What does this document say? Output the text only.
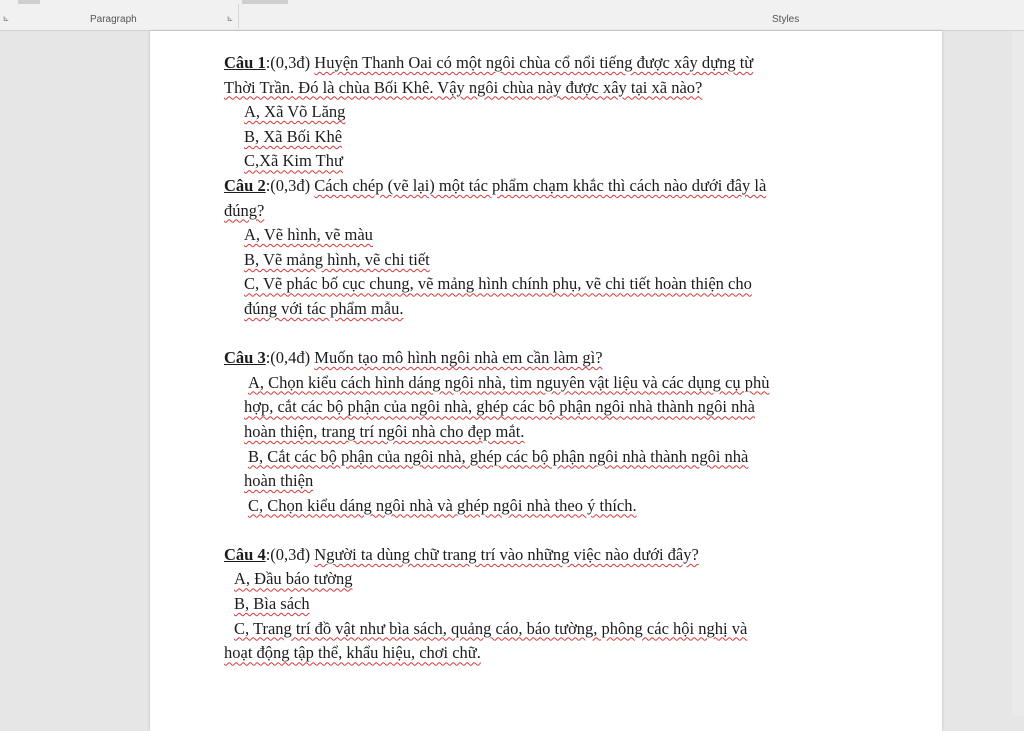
⊾	Paragraph	⊾	Styles

Câu 1:(0,3đ) Huyện Thanh Oai có một ngôi chùa cổ nổi tiếng được xây dựng từ

Thời Trần. Đó là chùa Bối Khê. Vậy ngôi chùa này được xây tại xã nào?

A, Xã Võ Lăng

B, Xã Bối Khê

C,Xã Kim Thư

Câu 2:(0,3đ) Cách chép (vẽ lại) một tác phẩm chạm khắc thì cách nào dưới đây là

đúng?

A, Vẽ hình, vẽ màu

B, Vẽ mảng hình, vẽ chi tiết

C, Vẽ phác bố cục chung, vẽ mảng hình chính phụ, vẽ chi tiết hoàn thiện cho

đúng với tác phẩm mẫu.

Câu 3:(0,4đ) Muốn tạo mô hình ngôi nhà em cần làm gì?

A, Chọn kiểu cách hình dáng ngôi nhà, tìm nguyên vật liệu và các dụng cụ phù

hợp, cắt các bộ phận của ngôi nhà, ghép các bộ phận ngôi nhà thành ngôi nhà

hoàn thiện, trang trí ngôi nhà cho đẹp mắt.

B, Cắt các bộ phận của ngôi nhà, ghép các bộ phận ngôi nhà thành ngôi nhà

hoàn thiện

C, Chọn kiểu dáng ngôi nhà và ghép ngôi nhà theo ý thích.

Câu 4:(0,3đ) Người ta dùng chữ trang trí vào những việc nào dưới đây?

A, Đầu báo tường

B, Bìa sách

C, Trang trí đồ vật như bìa sách, quảng cáo, báo tường, phông các hội nghị và

hoạt động tập thể, khẩu hiệu, chơi chữ.
